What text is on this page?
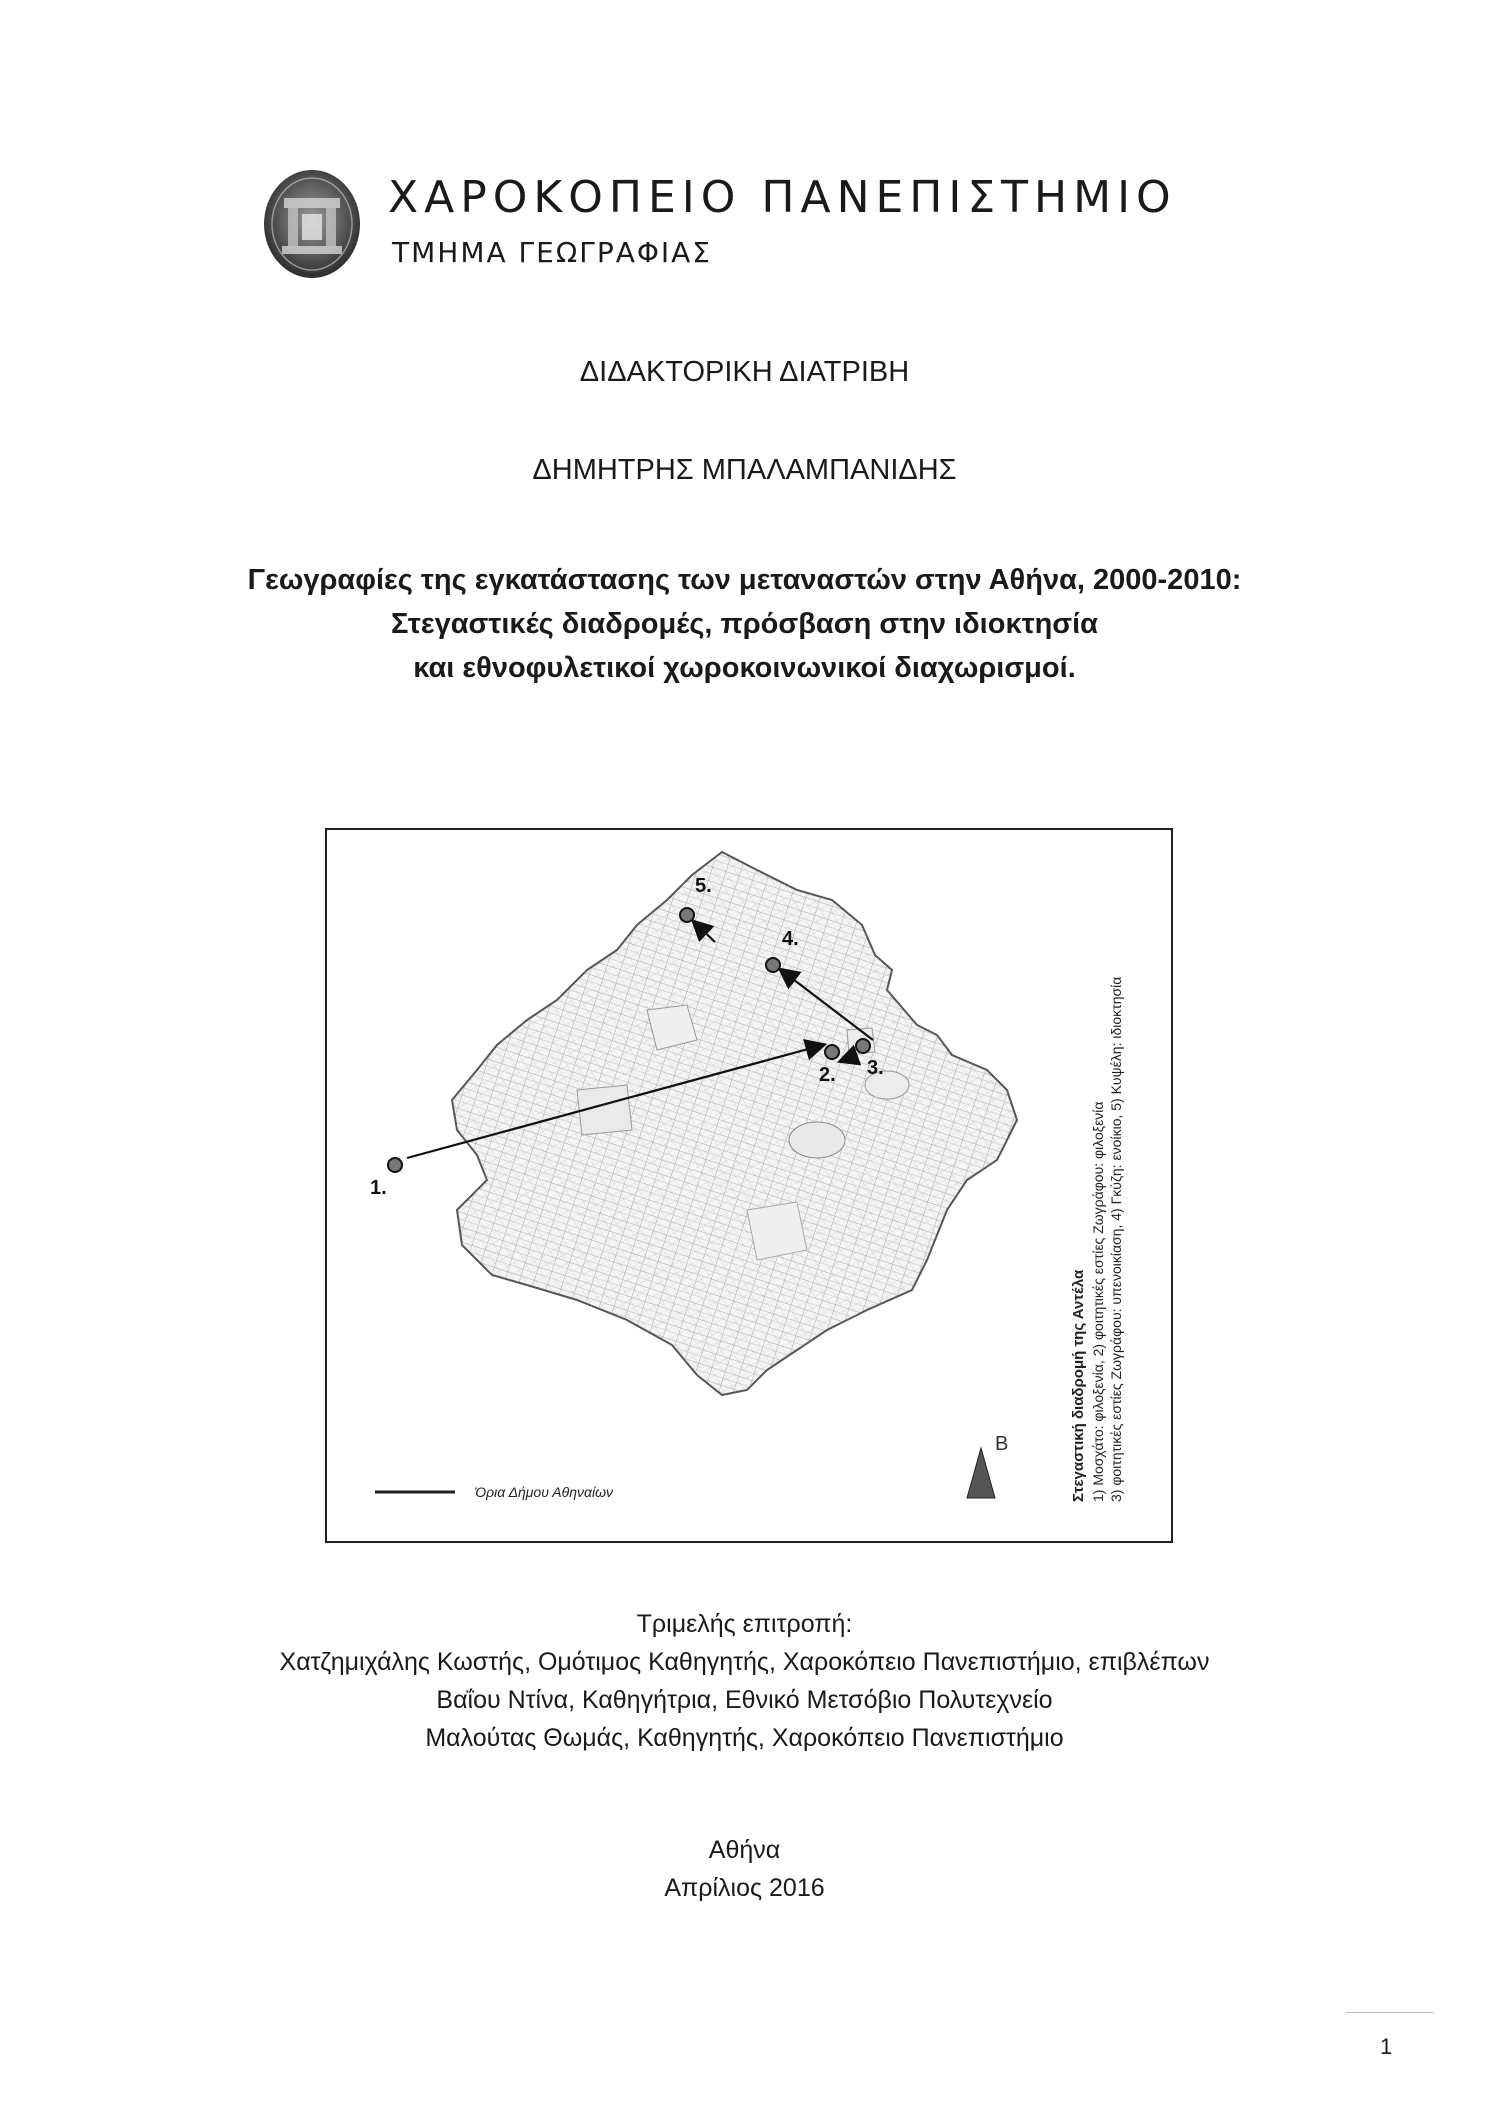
ΧΑΡΟΚΟΠΕΙΟ ΠΑΝΕΠΙΣΤΗΜΙΟ
ΤΜΗΜΑ ΓΕΩΓΡΑΦΙΑΣ
ΔΙΔΑΚΤΟΡΙΚΗ ΔΙΑΤΡΙΒΗ
ΔΗΜΗΤΡΗΣ ΜΠΑΛΑΜΠΑΝΙΔΗΣ
Γεωγραφίες της εγκατάστασης των μεταναστών στην Αθήνα, 2000-2010:
Στεγαστικές διαδρομές, πρόσβαση στην ιδιοκτησία
και εθνοφυλετικοί χωροκοινωνικοί διαχωρισμοί.
1.
2. 3.
4.
5.
Όρια Δήμου Αθηναίων
Β	Στεγαστική διαδρομή της Αντέλα 1) Μοσχάτο: φιλοξενία, 2) φοιτητικές εστίες Ζωγράφου: φιλοξενία 3) φοιτητικές εστίες Ζωγράφου: υπενοικίαση, 4) Γκύζη: ενοίκιο, 5) Κυψέλη: ιδιοκτησία
Τριμελής επιτροπή:
Χατζημιχάλης Κωστής, Ομότιμος Καθηγητής, Χαροκόπειο Πανεπιστήμιο, επιβλέπων
Βαΐου Ντίνα, Καθηγήτρια, Εθνικό Μετσόβιο Πολυτεχνείο
Μαλούτας Θωμάς, Καθηγητής, Χαροκόπειο Πανεπιστήμιο
Αθήνα
Απρίλιος 2016
1
